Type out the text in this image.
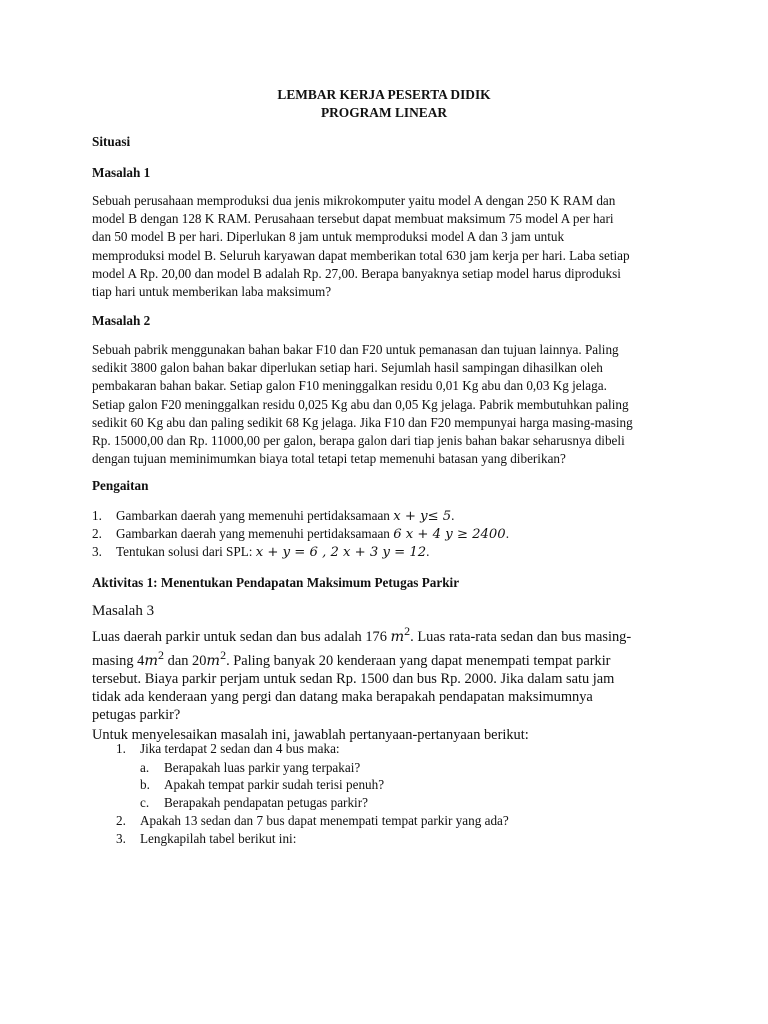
LEMBAR KERJA PESERTA DIDIK
PROGRAM LINEAR
Situasi
Masalah 1
Sebuah perusahaan memproduksi dua jenis mikrokomputer yaitu model A dengan 250 K RAM dan
model B dengan 128 K RAM. Perusahaan tersebut dapat membuat maksimum 75 model A per hari
dan 50 model B per hari. Diperlukan 8 jam untuk memproduksi model A dan 3 jam untuk
memproduksi model B. Seluruh karyawan dapat memberikan total 630 jam kerja per hari. Laba setiap
model A Rp. 20,00 dan model B adalah Rp. 27,00. Berapa banyaknya setiap model harus diproduksi
tiap hari untuk memberikan laba maksimum?
Masalah 2
Sebuah pabrik menggunakan bahan bakar F10 dan F20 untuk pemanasan dan tujuan lainnya. Paling
sedikit 3800 galon bahan bakar diperlukan setiap hari. Sejumlah hasil sampingan dihasilkan oleh
pembakaran bahan bakar. Setiap galon F10 meninggalkan residu 0,01 Kg abu dan 0,03 Kg jelaga.
Setiap galon F20 meninggalkan residu 0,025 Kg abu dan 0,05 Kg jelaga. Pabrik membutuhkan paling
sedikit 60 Kg abu dan paling sedikit 68 Kg jelaga. Jika F10 dan F20 mempunyai harga masing-masing
Rp. 15000,00 dan Rp. 11000,00 per galon, berapa galon dari tiap jenis bahan bakar seharusnya dibeli
dengan tujuan meminimumkan biaya total tetapi tetap memenuhi batasan yang diberikan?
Pengaitan
1. Gambarkan daerah yang memenuhi pertidaksamaan x + y≤ 5.
2. Gambarkan daerah yang memenuhi pertidaksamaan 6 x + 4 y ≥ 2400.
3. Tentukan solusi dari SPL: x + y = 6 , 2 x + 3 y = 12.
Aktivitas 1: Menentukan Pendapatan Maksimum Petugas Parkir
Masalah 3
Luas daerah parkir untuk sedan dan bus adalah 176 $m^2$. Luas rata-rata sedan dan bus masing-
masing $4m^2$ dan $20m^2$. Paling banyak 20 kenderaan yang dapat menempati tempat parkir
tersebut. Biaya parkir perjam untuk sedan Rp. 1500 dan bus Rp. 2000. Jika dalam satu jam
tidak ada kenderaan yang pergi dan datang maka berapakah pendapatan maksimumnya
petugas parkir?
Untuk menyelesaikan masalah ini, jawablah pertanyaan-pertanyaan berikut:
1. Jika terdapat 2 sedan dan 4 bus maka:
a. Berapakah luas parkir yang terpakai?
b. Apakah tempat parkir sudah terisi penuh?
c. Berapakah pendapatan petugas parkir?
2. Apakah 13 sedan dan 7 bus dapat menempati tempat parkir yang ada?
3. Lengkapilah tabel berikut ini:
